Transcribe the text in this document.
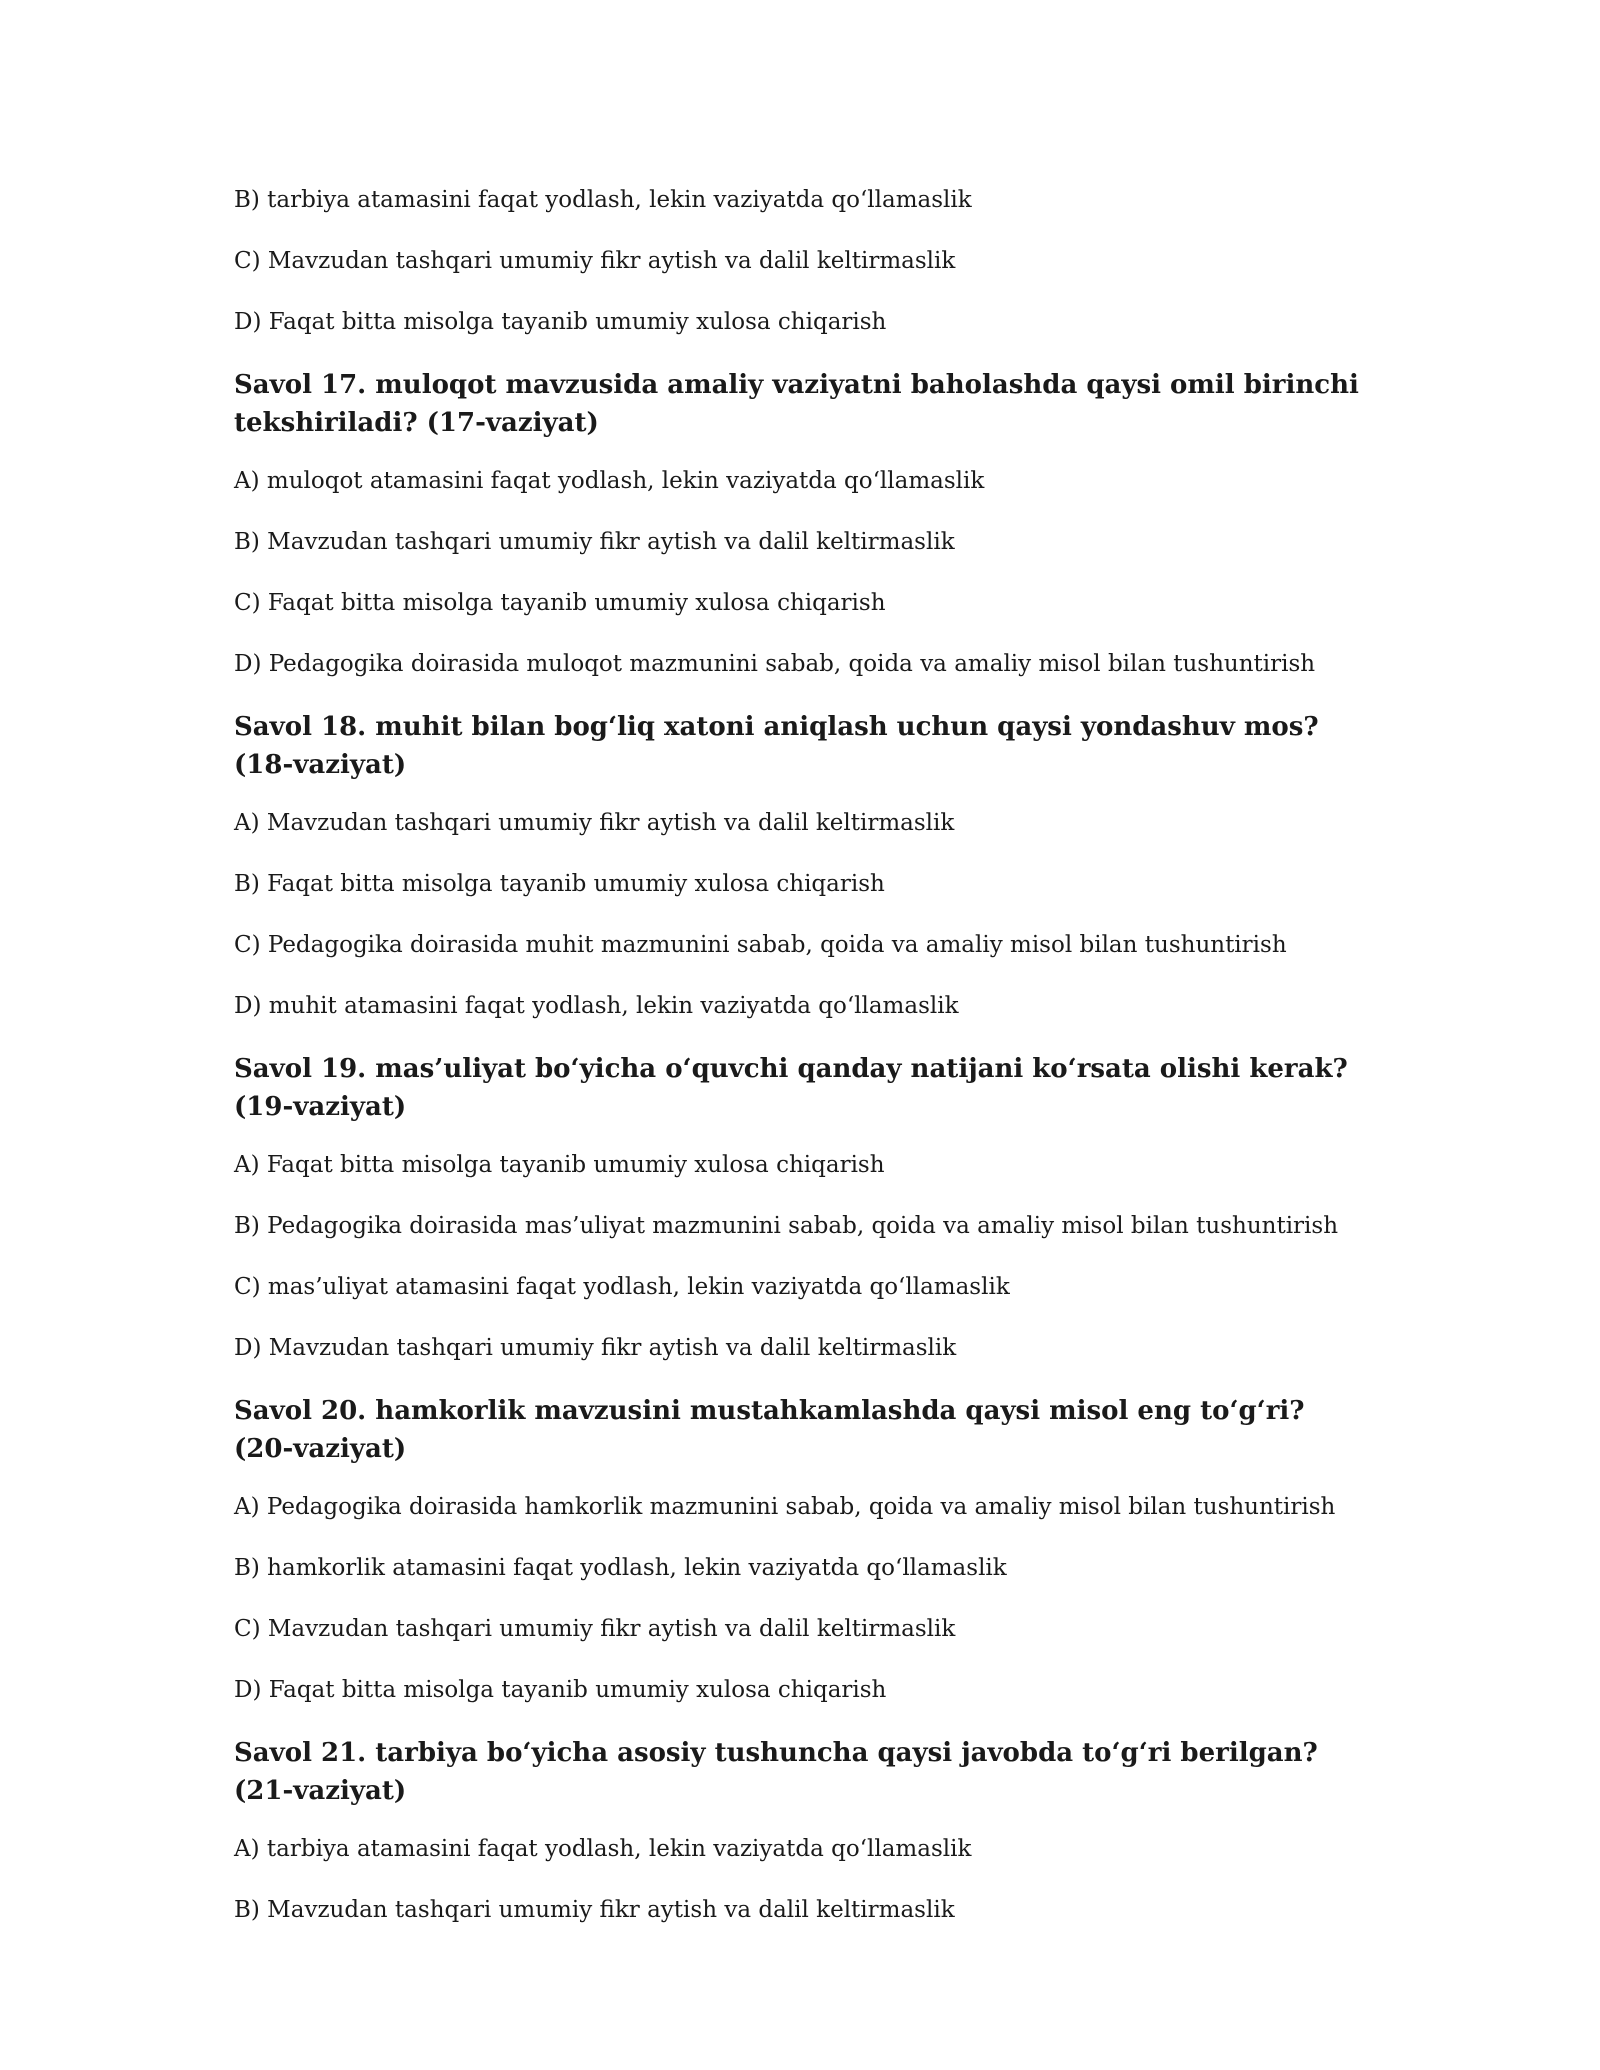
B) tarbiya atamasini faqat yodlash, lekin vaziyatda qo‘llamaslik
C) Mavzudan tashqari umumiy fikr aytish va dalil keltirmaslik
D) Faqat bitta misolga tayanib umumiy xulosa chiqarish
Savol 17. muloqot mavzusida amaliy vaziyatni baholashda qaysi omil birinchi tekshiriladi? (17-vaziyat)
A) muloqot atamasini faqat yodlash, lekin vaziyatda qo‘llamaslik
B) Mavzudan tashqari umumiy fikr aytish va dalil keltirmaslik
C) Faqat bitta misolga tayanib umumiy xulosa chiqarish
D) Pedagogika doirasida muloqot mazmunini sabab, qoida va amaliy misol bilan tushuntirish
Savol 18. muhit bilan bog‘liq xatoni aniqlash uchun qaysi yondashuv mos? (18-vaziyat)
A) Mavzudan tashqari umumiy fikr aytish va dalil keltirmaslik
B) Faqat bitta misolga tayanib umumiy xulosa chiqarish
C) Pedagogika doirasida muhit mazmunini sabab, qoida va amaliy misol bilan tushuntirish
D) muhit atamasini faqat yodlash, lekin vaziyatda qo‘llamaslik
Savol 19. mas’uliyat bo‘yicha o‘quvchi qanday natijani ko‘rsata olishi kerak? (19-vaziyat)
A) Faqat bitta misolga tayanib umumiy xulosa chiqarish
B) Pedagogika doirasida mas’uliyat mazmunini sabab, qoida va amaliy misol bilan tushuntirish
C) mas’uliyat atamasini faqat yodlash, lekin vaziyatda qo‘llamaslik
D) Mavzudan tashqari umumiy fikr aytish va dalil keltirmaslik
Savol 20. hamkorlik mavzusini mustahkamlashda qaysi misol eng to‘g‘ri? (20-vaziyat)
A) Pedagogika doirasida hamkorlik mazmunini sabab, qoida va amaliy misol bilan tushuntirish
B) hamkorlik atamasini faqat yodlash, lekin vaziyatda qo‘llamaslik
C) Mavzudan tashqari umumiy fikr aytish va dalil keltirmaslik
D) Faqat bitta misolga tayanib umumiy xulosa chiqarish
Savol 21. tarbiya bo‘yicha asosiy tushuncha qaysi javobda to‘g‘ri berilgan? (21-vaziyat)
A) tarbiya atamasini faqat yodlash, lekin vaziyatda qo‘llamaslik
B) Mavzudan tashqari umumiy fikr aytish va dalil keltirmaslik
